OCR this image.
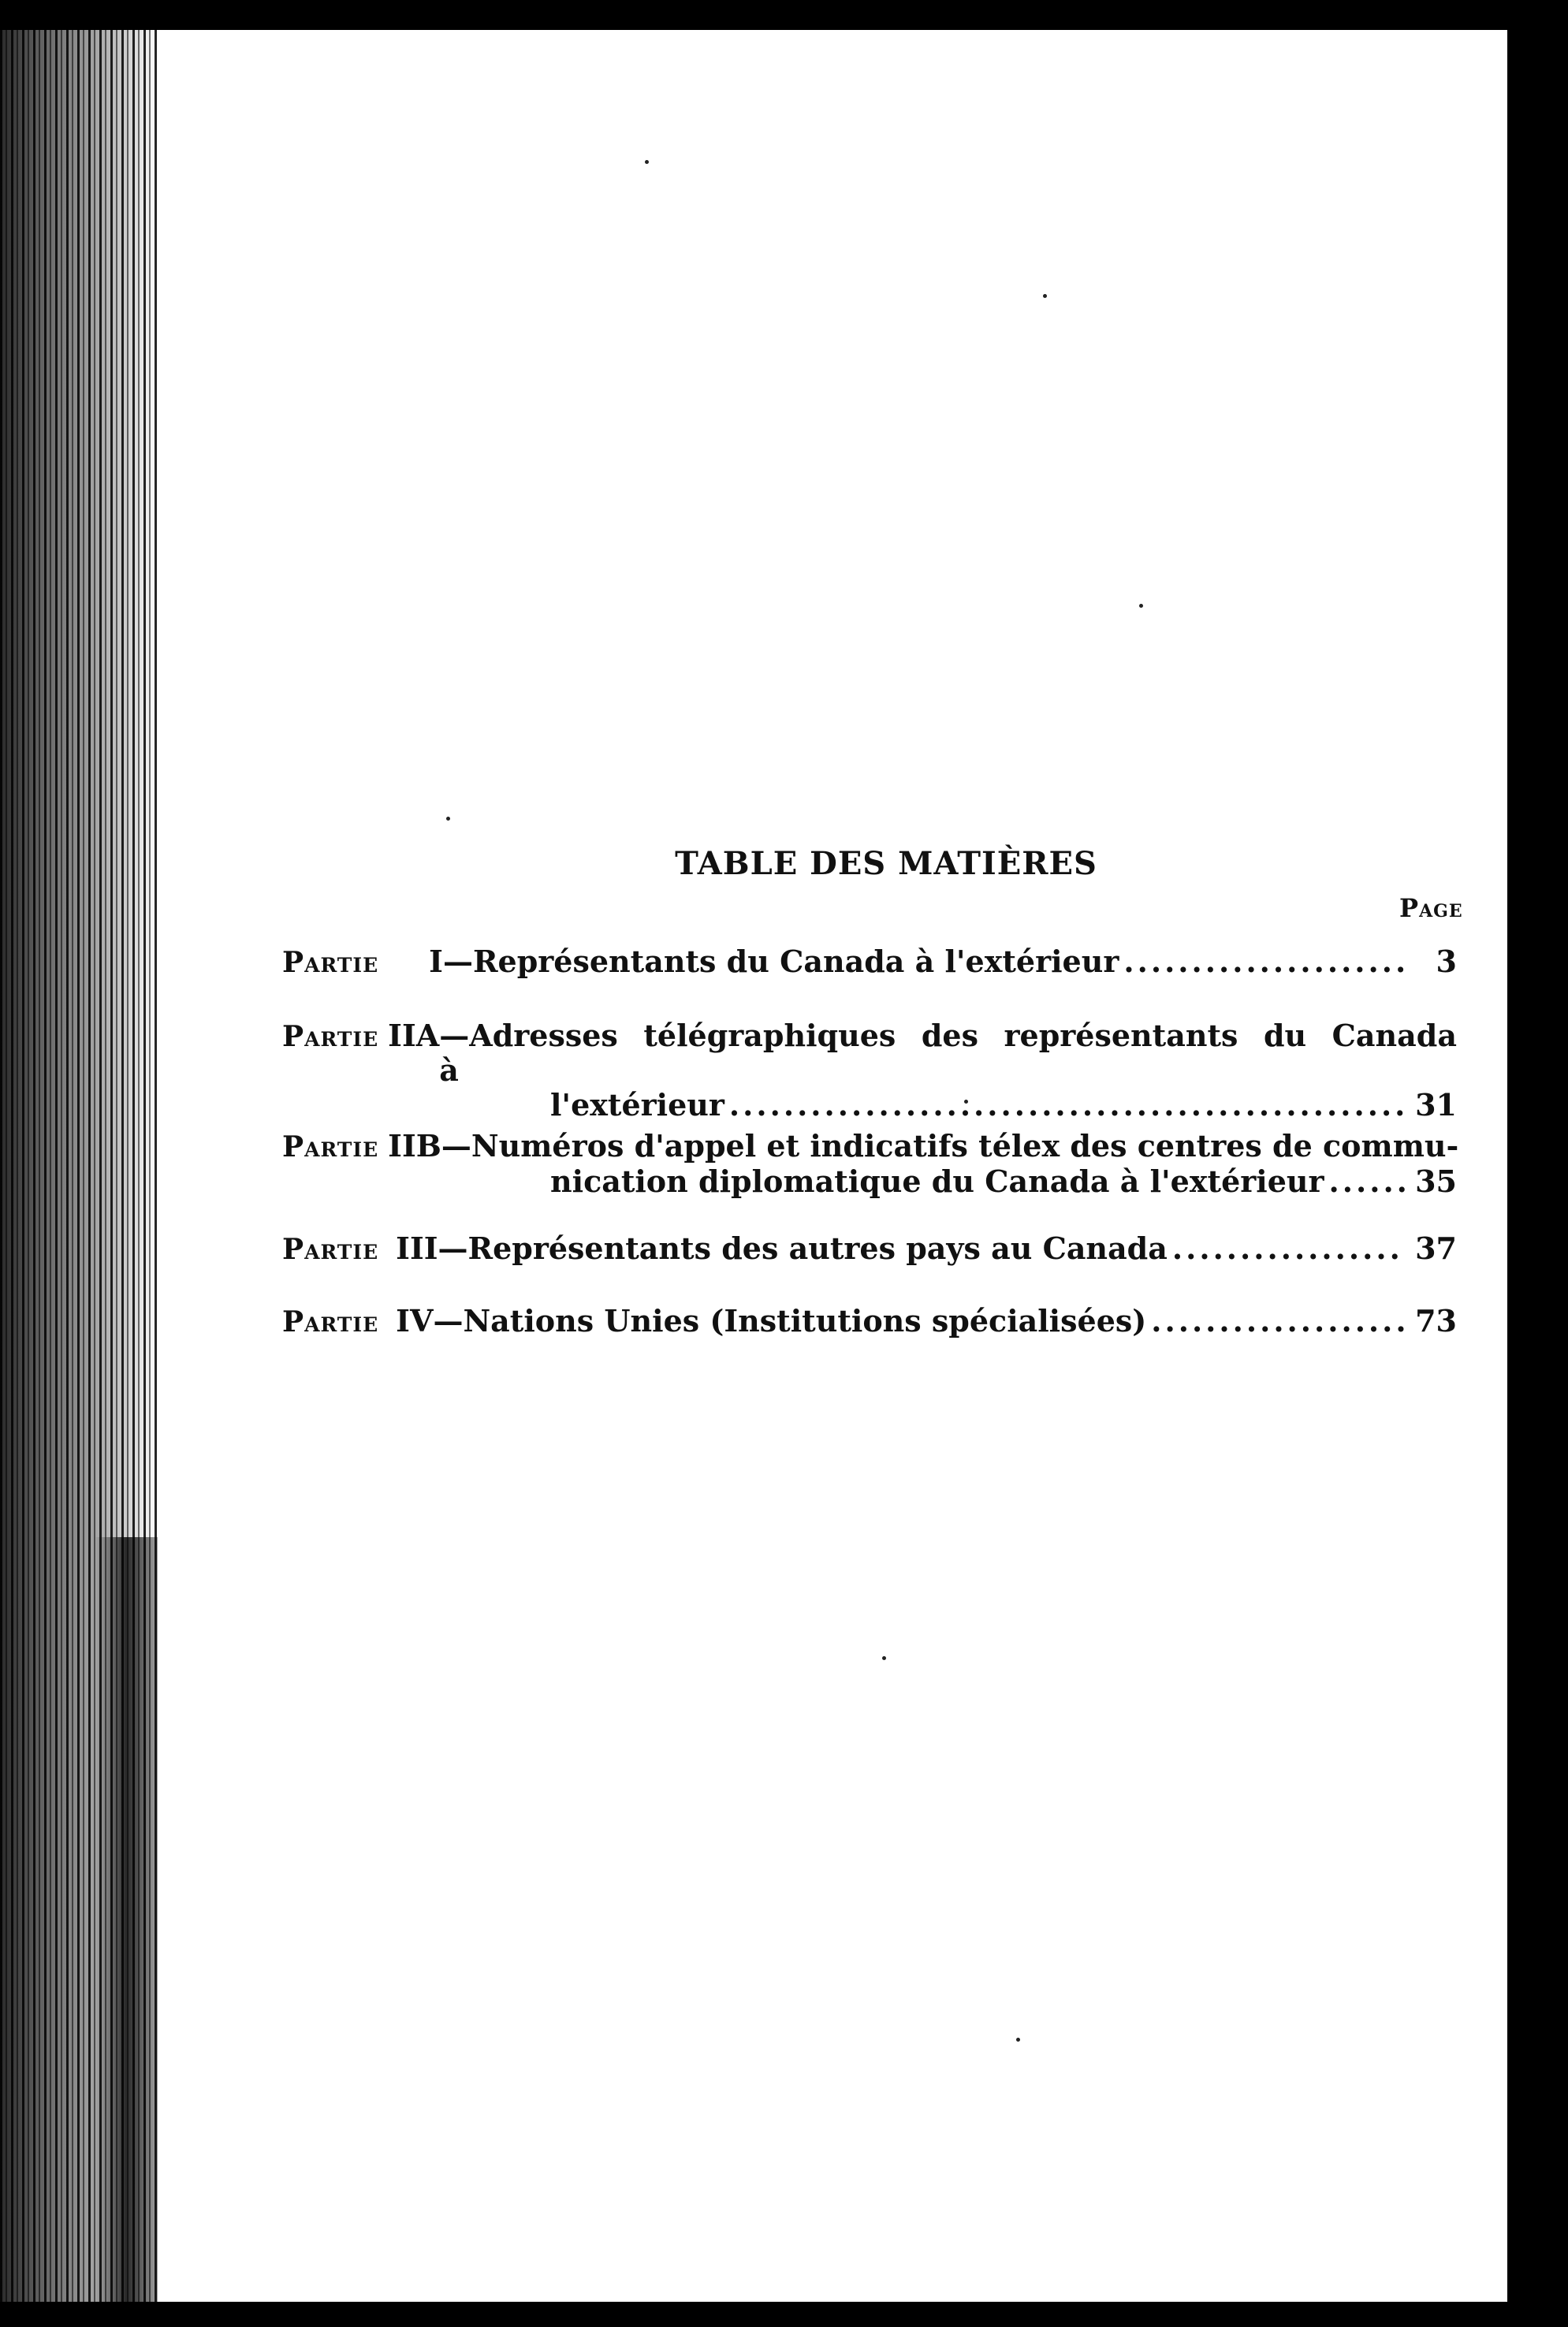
TABLE DES MATIÈRES
Page
Partie I —Représentants du Canada à l'extérieur .....	3
Partie IIA —Adresses télégraphiques des représentants du Canada à
l'extérieur .....	31
Partie IIB —Numéros d'appel et indicatifs télex des centres de commu-
nication diplomatique du Canada à l'extérieur .....	35
Partie III —Représentants des autres pays au Canada .....	37
Partie IV —Nations Unies (Institutions spécialisées) .....	73
